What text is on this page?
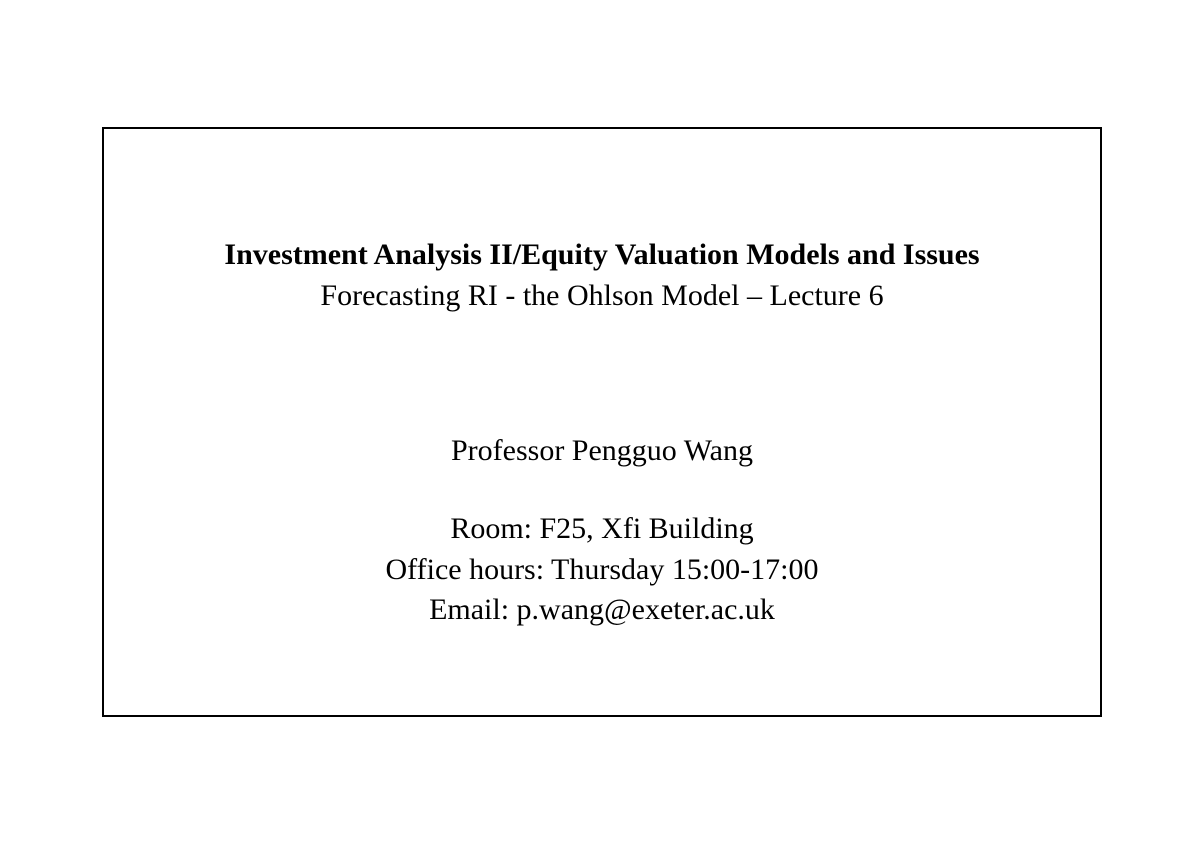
Investment Analysis II/Equity Valuation Models and Issues
Forecasting RI - the Ohlson Model – Lecture 6
Professor Pengguo Wang
Room: F25, Xfi Building
Office hours: Thursday 15:00-17:00
Email: p.wang@exeter.ac.uk
